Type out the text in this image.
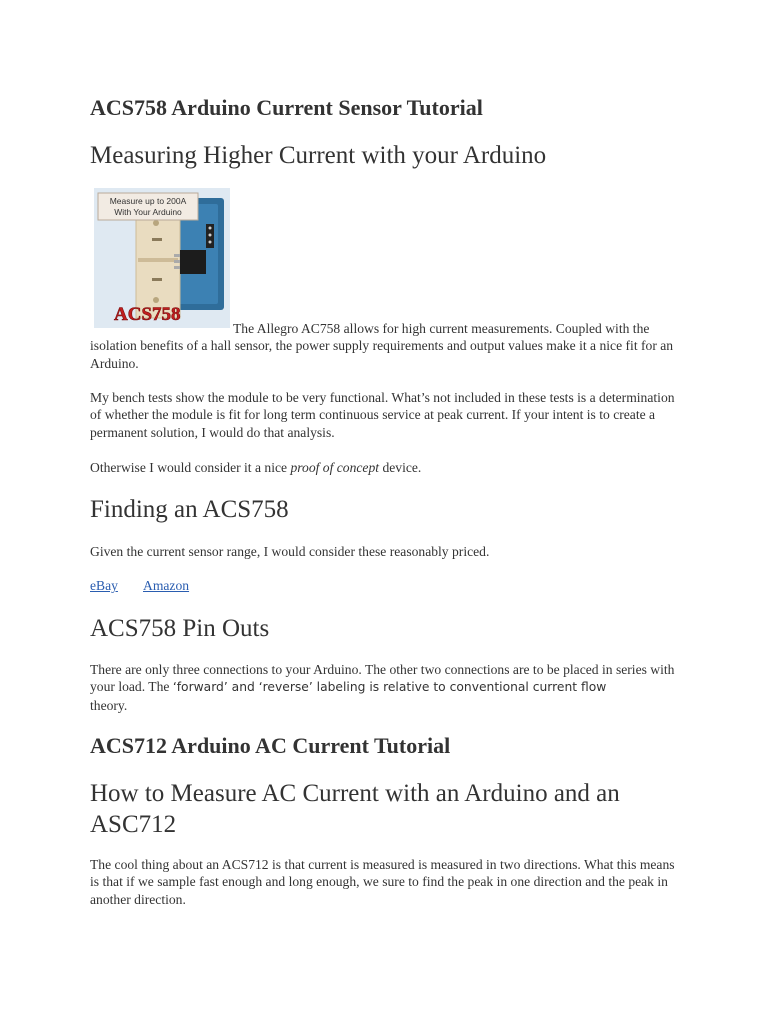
ACS758 Arduino Current Sensor Tutorial
Measuring Higher Current with your Arduino
Measure up to 200A
With Your Arduino
ACS758

The Allegro AC758 allows for high current measurements. Coupled with the isolation benefits of a hall sensor, the power supply requirements and output values make it a nice fit for an Arduino.

My bench tests show the module to be very functional. What’s not included in these tests is a determination of whether the module is fit for long term continuous service at peak current. If your intent is to create a permanent solution, I would do that analysis.

Otherwise I would consider it a nice proof of concept device.

Finding an ACS758

Given the current sensor range, I would consider these reasonably priced.

eBay Amazon
ACS758 Pin Outs

There are only three connections to your Arduino. The other two connections are to be placed in series with your load. The ‘forward’ and ‘reverse’ labeling is relative to conventional current flow
theory.

ACS712 Arduino AC Current Tutorial
How to Measure AC Current with an Arduino and an ASC712

The cool thing about an ACS712 is that current is measured is measured in two directions. What this means is that if we sample fast enough and long enough, we sure to find the peak in one direction and the peak in another direction.
